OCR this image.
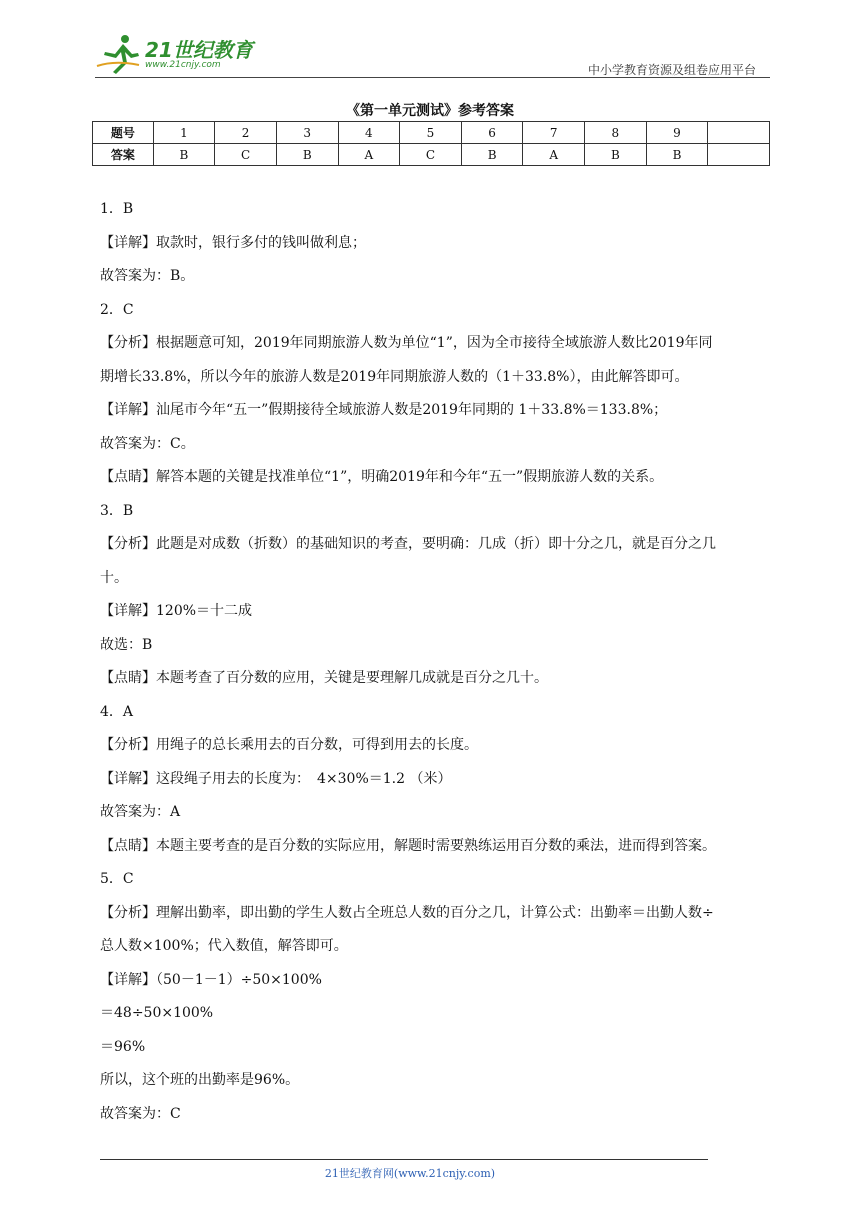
21世纪教育
www.21cnjy.com	中小学教育资源及组卷应用平台
《第一单元测试》参考答案
题号	1	2	3	4	5	6	7	8	9	
答案	B	C	B	A	C	B	A	B	B	
1．B
【详解】取款时，银行多付的钱叫做利息；
故答案为：B。
2．C
【分析】根据题意可知，2019年同期旅游人数为单位“1”，因为全市接待全域旅游人数比2019年同
期增长33.8%，所以今年的旅游人数是2019年同期旅游人数的（1＋33.8%），由此解答即可。
【详解】汕尾市今年“五一”假期接待全域旅游人数是2019年同期的 1＋33.8%＝133.8%；
故答案为：C。
【点睛】解答本题的关键是找准单位“1”，明确2019年和今年“五一”假期旅游人数的关系。
3．B
【分析】此题是对成数（折数）的基础知识的考查，要明确：几成（折）即十分之几，就是百分之几
十。
【详解】120%＝十二成
故选：B
【点睛】本题考查了百分数的应用，关键是要理解几成就是百分之几十。
4．A
【分析】用绳子的总长乘用去的百分数，可得到用去的长度。
【详解】这段绳子用去的长度为：　4×30%＝1.2 （米）
故答案为：A
【点睛】本题主要考查的是百分数的实际应用，解题时需要熟练运用百分数的乘法，进而得到答案。
5．C
【分析】理解出勤率，即出勤的学生人数占全班总人数的百分之几，计算公式：出勤率＝出勤人数÷
总人数×100%；代入数值，解答即可。
【详解】（50－1－1）÷50×100%
＝48÷50×100%
＝96%
所以，这个班的出勤率是96%。
故答案为：C
21世纪教育网(www.21cnjy.com)
